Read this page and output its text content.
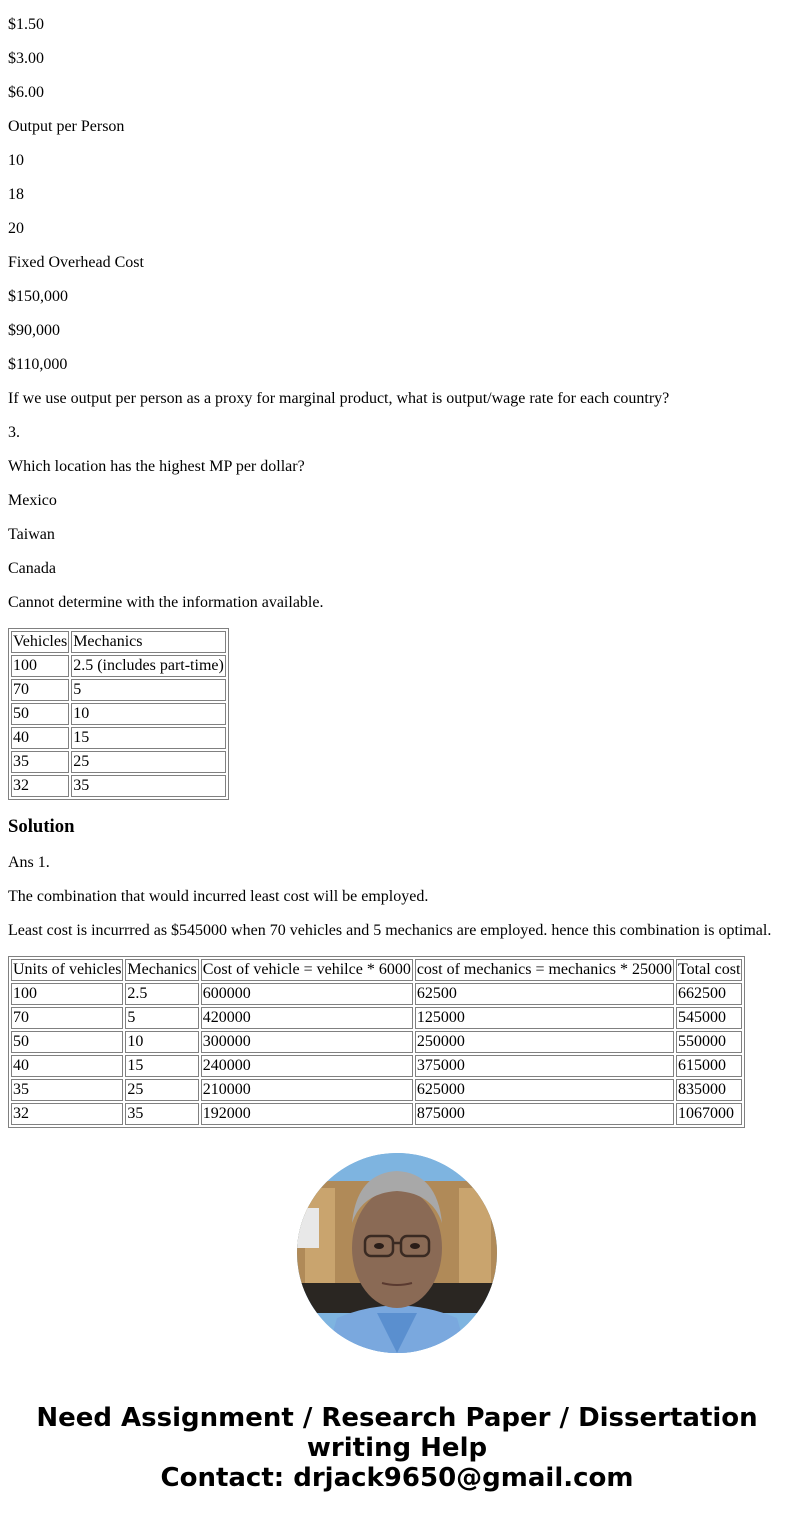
$1.50

$3.00

$6.00

Output per Person

10

18

20

Fixed Overhead Cost

$150,000

$90,000

$110,000

If we use output per person as a proxy for marginal product, what is output/wage rate for each country?

3.

Which location has the highest MP per dollar?

Mexico

Taiwan

Canada

Cannot determine with the information available.

Vehicles	Mechanics
100	2.5 (includes part-time)
70	5
50	10
40	15
35	25
32	35
Solution

Ans 1.

The combination that would incurred least cost will be employed.

Least cost is incurrred as $545000 when 70 vehicles and 5 mechanics are employed. hence this combination is optimal.

Units of vehicles	Mechanics	Cost of vehicle = vehilce * 6000	cost of mechanics = mechanics * 25000	Total cost
100	2.5	600000	62500	662500
70	5	420000	125000	545000
50	10	300000	250000	550000
40	15	240000	375000	615000
35	25	210000	625000	835000
32	35	192000	875000	1067000
Need Assignment / Research Paper / Dissertation
writing Help
Contact: drjack9650@gmail.com
